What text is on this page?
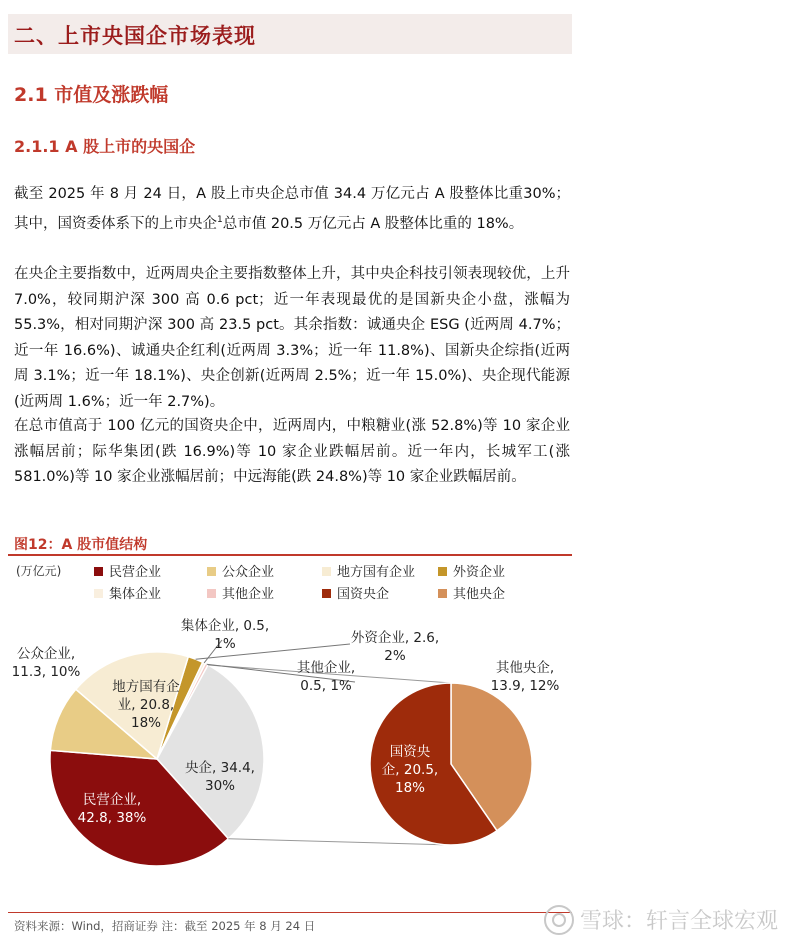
二、上市央国企市场表现
2.1 市值及涨跌幅
2.1.1 A 股上市的央国企
截至 2025 年 8 月 24 日，A 股上市央企总市值 34.4 万亿元占 A 股整体比重30%；其中，国资委体系下的上市央企$^1$总市值 20.5 万亿元占 A 股整体比重的 18%。
在央企主要指数中，近两周央企主要指数整体上升，其中央企科技引领表现较优，上升 7.0%，较同期沪深 300 高 0.6 pct；近一年表现最优的是国新央企小盘，涨幅为 55.3%，相对同期沪深 300 高 23.5 pct。其余指数：诚通央企 ESG (近两周 4.7%；近一年 16.6%)、诚通央企红利(近两周 3.3%；近一年 11.8%)、国新央企综指(近两周 3.1%；近一年 18.1%)、央企创新(近两周 2.5%；近一年 15.0%)、央企现代能源(近两周 1.6%；近一年 2.7%)。
在总市值高于 100 亿元的国资央企中，近两周内，中粮糖业(涨 52.8%)等 10 家企业涨幅居前；际华集团(跌 16.9%)等 10 家企业跌幅居前。近一年内，长城军工(涨 581.0%)等 10 家企业涨幅居前；中远海能(跌 24.8%)等 10 家企业跌幅居前。
图12：A 股市值结构
(万亿元)	民营企业	公众企业	地方国有企业	外资企业
集体企业	其他企业	国资央企	其他央企
民营企业, 42.8, 38%
公众企业, 11.3, 10%
地方国有企业, 20.8, 18%
外资企业, 2.6, 2%
集体企业, 0.5, 1%
其他企业, 0.5, 1%
央企, 34.4, 30%
国资央企, 20.5, 18%
其他央企, 13.9, 12%
资料来源：Wind，招商证券 注：截至 2025 年 8 月 24 日	雪球：轩言全球宏观
